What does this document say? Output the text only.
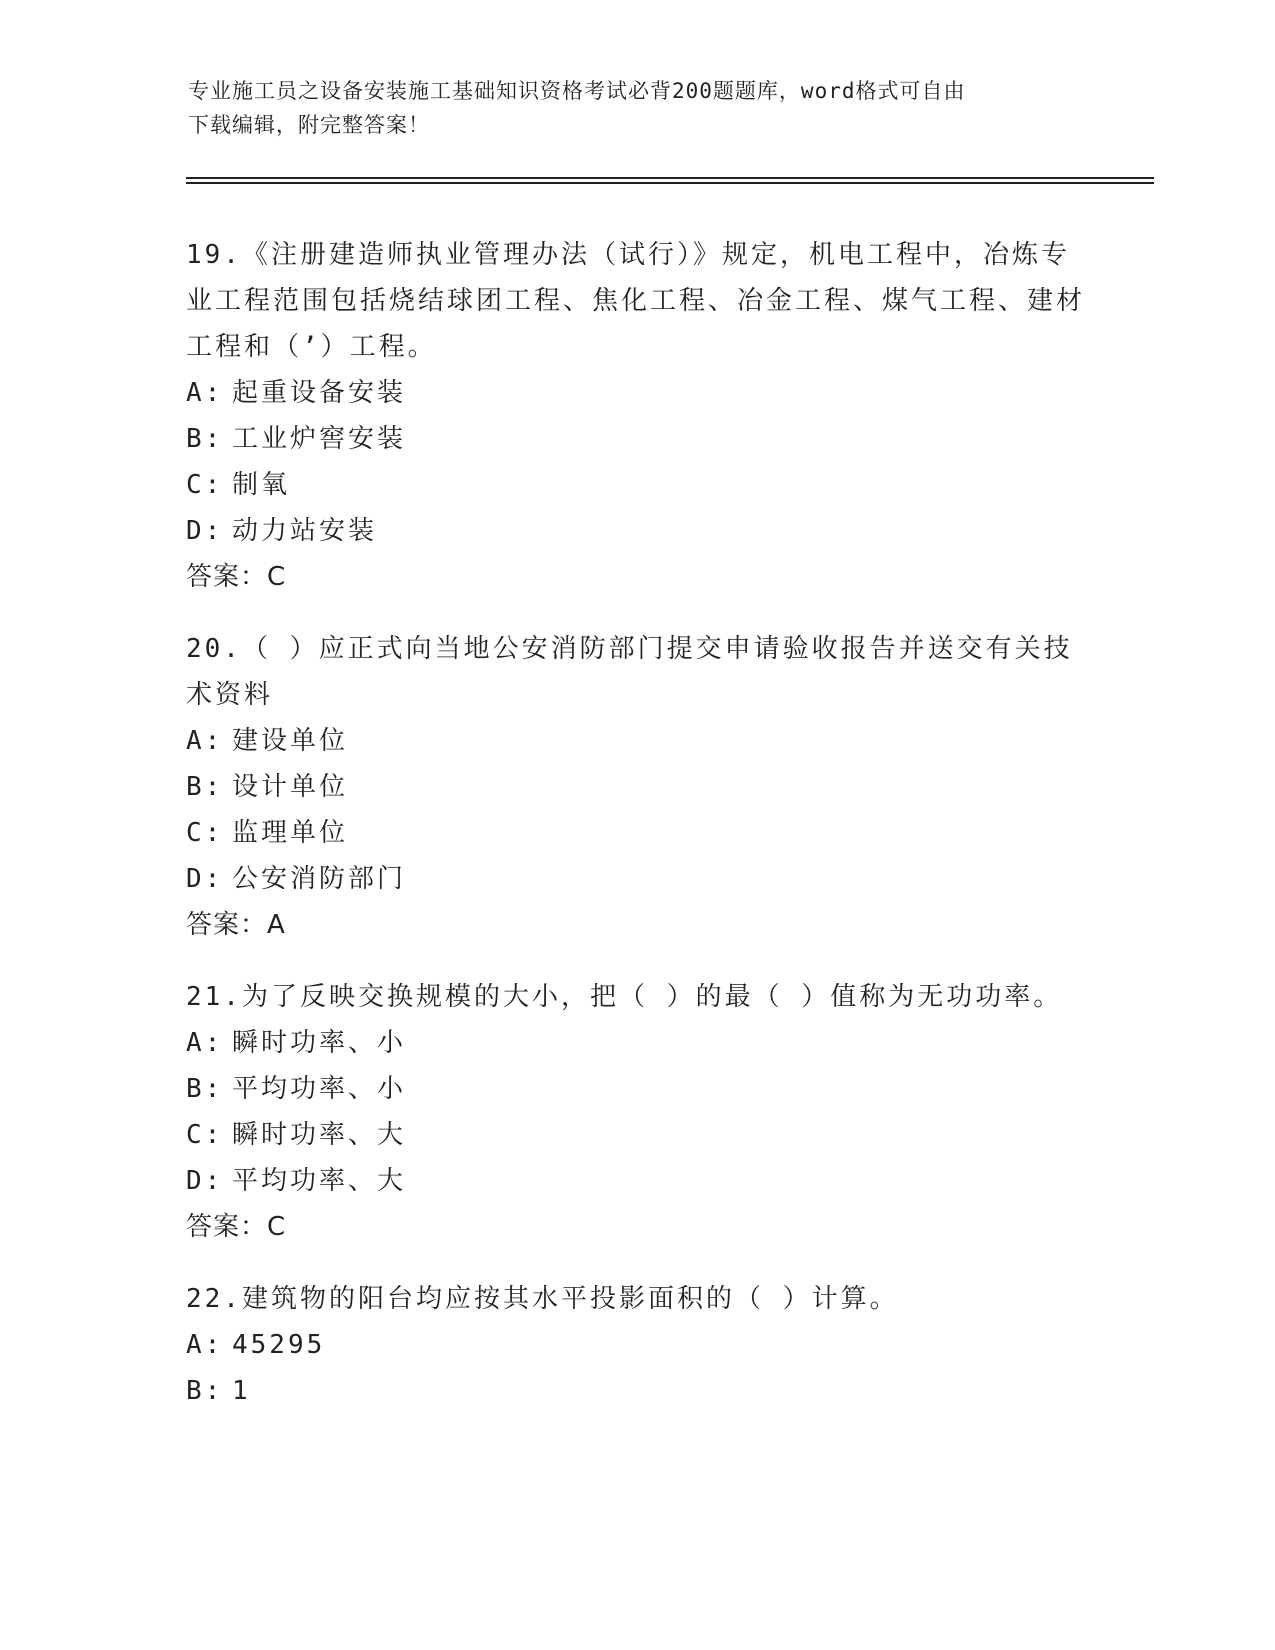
专业施工员之设备安装施工基础知识资格考试必背200题题库，word格式可自由
下载编辑，附完整答案！
19.《注册建造师执业管理办法（试行）》规定，机电工程中，冶炼专业工程范围包括烧结球团工程、焦化工程、冶金工程、煤气工程、建材工程和（’）工程。
A: 起重设备安装
B: 工业炉窖安装
C: 制氧
D: 动力站安装
答案：C
20.（ ）应正式向当地公安消防部门提交申请验收报告并送交有关技术资料
A: 建设单位
B: 设计单位
C: 监理单位
D: 公安消防部门
答案：A
21.为了反映交换规模的大小，把（ ）的最（ ）值称为无功功率。
A: 瞬时功率、小
B: 平均功率、小
C: 瞬时功率、大
D: 平均功率、大
答案：C
22.建筑物的阳台均应按其水平投影面积的（ ）计算。
A: 45295
B: 1
